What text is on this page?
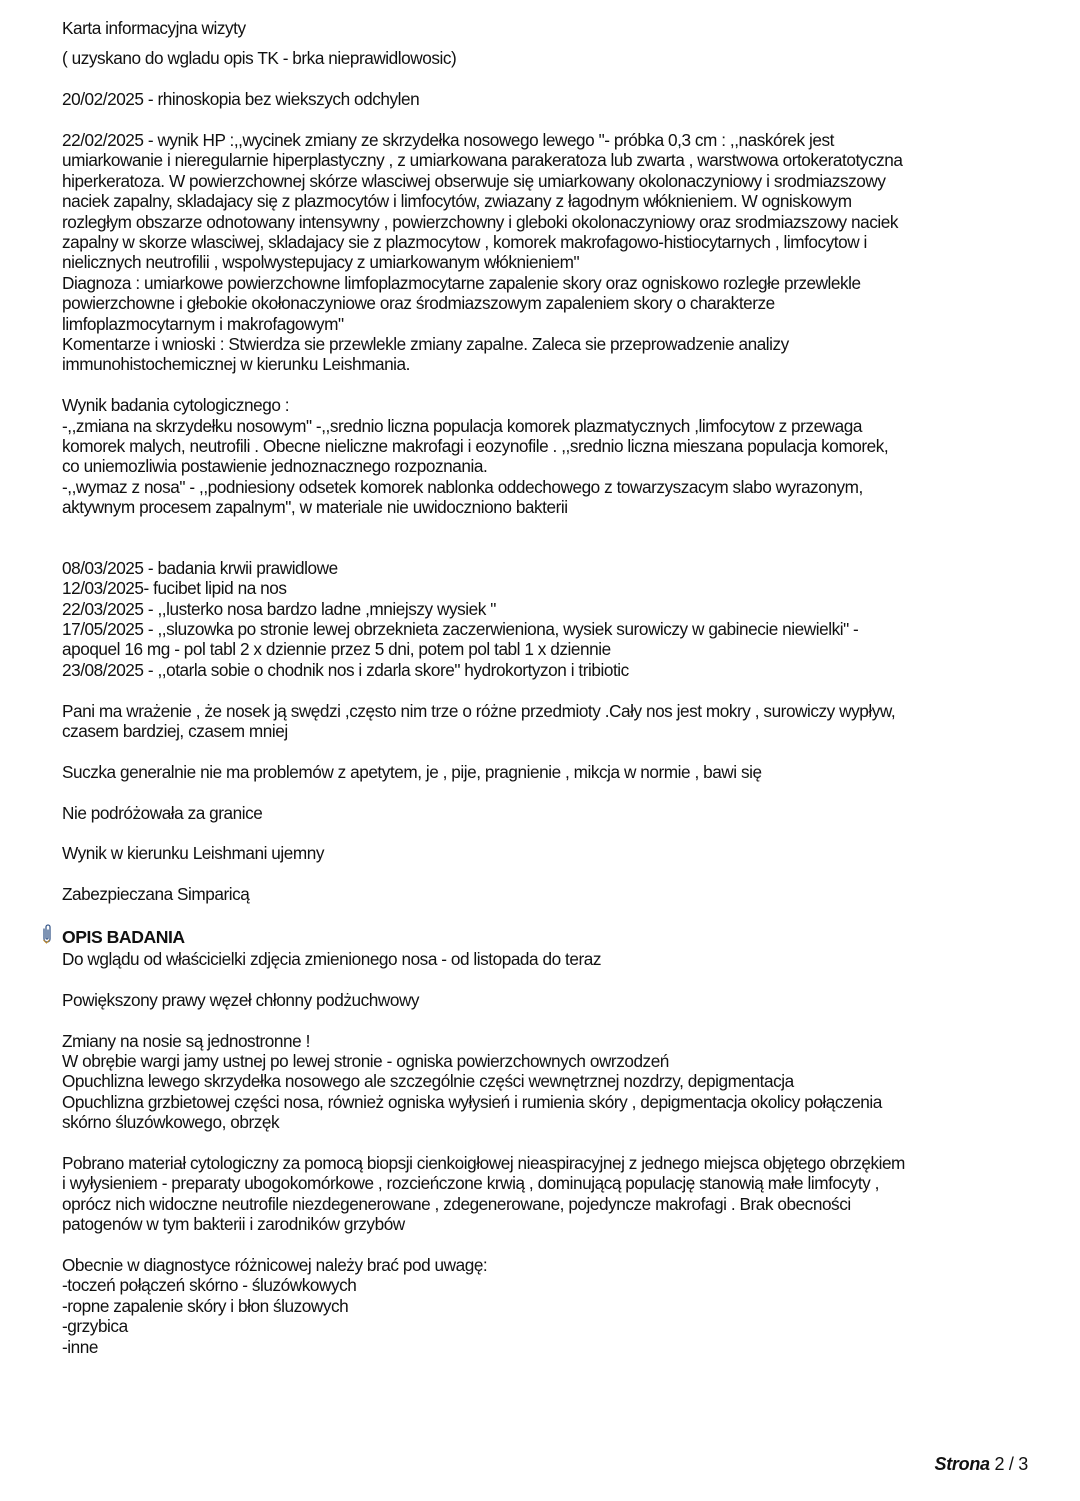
Karta informacyjna wizyty
( uzyskano do wgladu opis TK - brka nieprawidlowosic)
20/02/2025 - rhinoskopia bez wiekszych odchylen
22/02/2025 - wynik HP :,,wycinek zmiany ze skrzydełka nosowego lewego "- próbka 0,3 cm : ,,naskórek jest
umiarkowanie i nieregularnie hiperplastyczny , z umiarkowana parakeratoza lub zwarta , warstwowa ortokeratotyczna
hiperkeratoza. W powierzchownej skórze wlasciwej obserwuje się umiarkowany okolonaczyniowy i srodmiazszowy
naciek zapalny, skladajacy się z plazmocytów i limfocytów, zwiazany z łagodnym włóknieniem. W ogniskowym
rozległym obszarze odnotowany intensywny , powierzchowny i gleboki okolonaczyniowy oraz srodmiazszowy naciek
zapalny w skorze wlasciwej, skladajacy sie z plazmocytow , komorek makrofagowo-histiocytarnych , limfocytow i
nielicznych neutrofilii , wspolwystepujacy z umiarkowanym włóknieniem"
Diagnoza : umiarkowe powierzchowne limfoplazmocytarne zapalenie skory oraz ogniskowo rozległe przewlekle
powierzchowne i głebokie okołonaczyniowe oraz środmiazszowym zapaleniem skory o charakterze
limfoplazmocytarnym i makrofagowym"
Komentarze i wnioski : Stwierdza sie przewlekle zmiany zapalne. Zaleca sie przeprowadzenie analizy
immunohistochemicznej w kierunku Leishmania.
Wynik badania cytologicznego :
-,,zmiana na skrzydełku nosowym" -,,srednio liczna populacja komorek plazmatycznych ,limfocytow z przewaga
komorek malych, neutrofili . Obecne nieliczne makrofagi i eozynofile . ,,srednio liczna mieszana populacja komorek,
co uniemozliwia postawienie jednoznacznego rozpoznania.
-,,wymaz z nosa" - ,,podniesiony odsetek komorek nablonka oddechowego z towarzyszacym slabo wyrazonym,
aktywnym procesem zapalnym", w materiale nie uwidoczniono bakterii
08/03/2025 - badania krwii prawidlowe
12/03/2025- fucibet lipid na nos
22/03/2025 - ,,lusterko nosa bardzo ladne ,mniejszy wysiek "
17/05/2025 - ,,sluzowka po stronie lewej obrzeknieta zaczerwieniona, wysiek surowiczy w gabinecie niewielki" -
apoquel 16 mg - pol tabl 2 x dziennie przez 5 dni, potem pol tabl 1 x dziennie
23/08/2025 - ,,otarla sobie o chodnik nos i zdarla skore" hydrokortyzon i tribiotic
Pani ma wrażenie , że nosek ją swędzi ,często nim trze o różne przedmioty .Cały nos jest mokry , surowiczy wypływ,
czasem bardziej, czasem mniej
Suczka generalnie nie ma problemów z apetytem, je , pije, pragnienie , mikcja w normie , bawi się
Nie podróżowała za granice
Wynik w kierunku Leishmani ujemny
Zabezpieczana Simparicą
OPIS BADANIA
Do wglądu od właścicielki zdjęcia zmienionego nosa - od listopada do teraz
Powiększony prawy węzeł chłonny podżuchwowy
Zmiany na nosie są jednostronne !
W obrębie wargi jamy ustnej po lewej stronie - ogniska powierzchownych owrzodzeń
Opuchlizna lewego skrzydełka nosowego ale szczególnie części wewnętrznej nozdrzy, depigmentacja
Opuchlizna grzbietowej części nosa, również ogniska wyłysień i rumienia skóry , depigmentacja okolicy połączenia
skórno śluzówkowego, obrzęk
Pobrano materiał cytologiczny za pomocą biopsji cienkoigłowej nieaspiracyjnej z jednego miejsca objętego obrzękiem
i wyłysieniem - preparaty ubogokomórkowe , rozcieńczone krwią , dominującą populację stanowią małe limfocyty ,
oprócz nich widoczne neutrofile niezdegenerowane , zdegenerowane, pojedyncze makrofagi . Brak obecności
patogenów w tym bakterii i zarodników grzybów
Obecnie w diagnostyce różnicowej należy brać pod uwagę:
-toczeń połączeń skórno - śluzówkowych
-ropne zapalenie skóry i błon śluzowych
-grzybica
-inne
Strona 2 / 3
